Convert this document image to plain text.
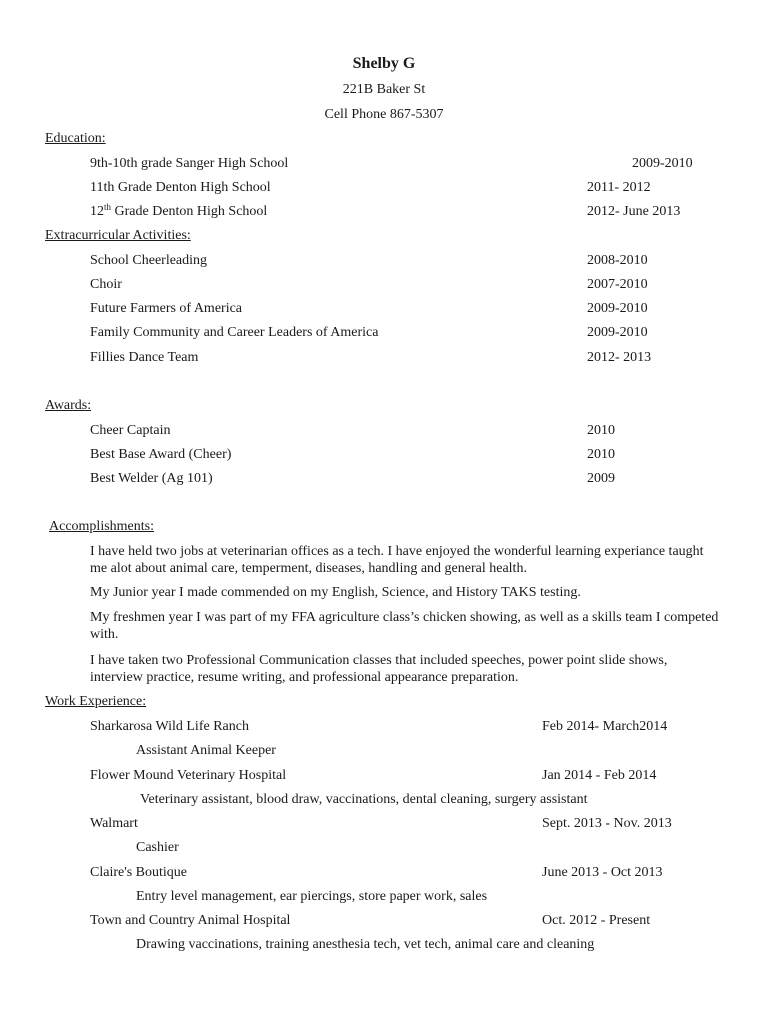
Shelby G
221B Baker St
Cell Phone 867-5307
Education:
9th-10th grade Sanger High School	2009-2010
11th Grade Denton High School	2011- 2012
12th Grade Denton High School	2012- June 2013
Extracurricular Activities:
School Cheerleading	2008-2010
Choir	2007-2010
Future Farmers of America	2009-2010
Family Community and Career Leaders of America	2009-2010
Fillies Dance Team	2012- 2013
Awards:
Cheer Captain	2010
Best Base Award (Cheer)	2010
Best Welder (Ag 101)	2009
Accomplishments:
I have held two jobs at veterinarian offices as a tech. I have enjoyed the wonderful learning experiance taught me alot about animal care, temperment, diseases, handling and general health.
My Junior year I made commended on my English, Science, and History TAKS testing.
My freshmen year I was part of my FFA agriculture class’s chicken showing, as well as a skills team I competed with.
I have taken two Professional Communication classes that included speeches, power point slide shows, interview practice, resume writing, and professional appearance preparation.
Work Experience:
Sharkarosa Wild Life Ranch	Feb 2014- March2014
Assistant Animal Keeper
Flower Mound Veterinary Hospital	Jan 2014 - Feb 2014
Veterinary assistant, blood draw, vaccinations, dental cleaning, surgery assistant
Walmart	Sept. 2013 - Nov. 2013
Cashier
Claire's Boutique	June 2013 - Oct 2013
Entry level management, ear piercings, store paper work, sales
Town and Country Animal Hospital	Oct. 2012 - Present
Drawing vaccinations, training anesthesia tech, vet tech, animal care and cleaning
